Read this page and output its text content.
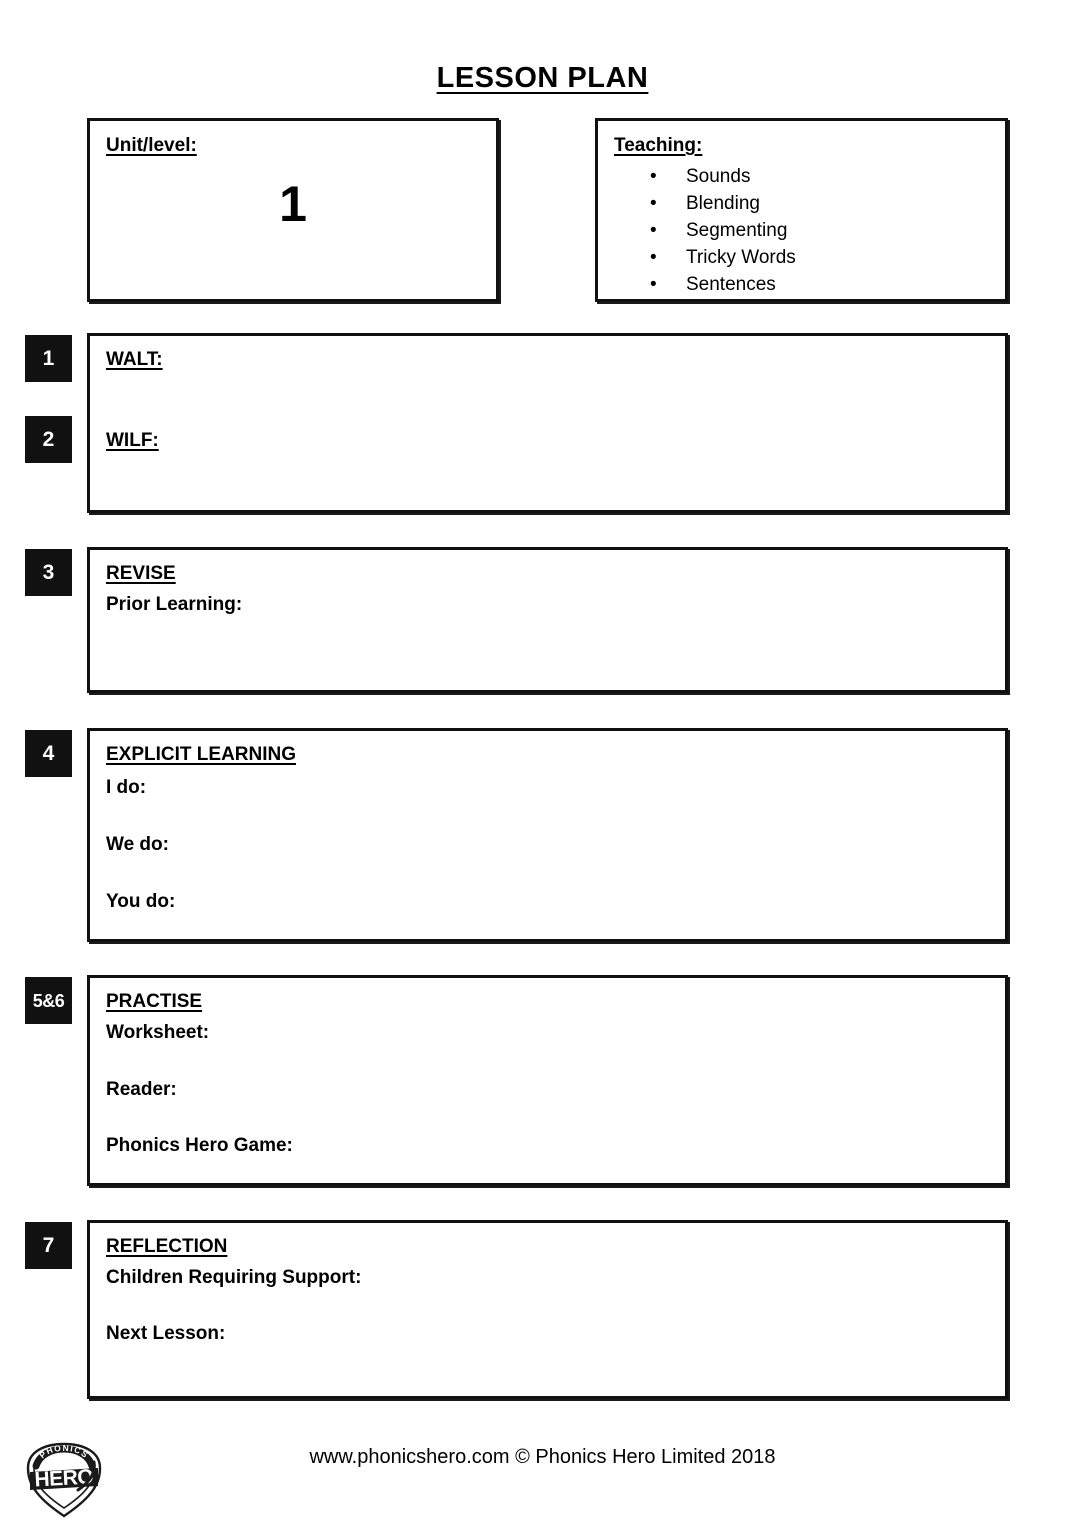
LESSON PLAN
Unit/level:
1
Teaching:
• Sounds
• Blending
• Segmenting
• Tricky Words
• Sentences
1
2
WALT:
WILF:
3	REVISE
Prior Learning:
4	EXPLICIT LEARNING
I do:
We do:
You do:
5&6	PRACTISE
Worksheet:
Reader:
Phonics Hero Game:
7	REFLECTION
Children Requiring Support:
Next Lesson:
PHONICS
HERO
www.phonicshero.com © Phonics Hero Limited 2018
